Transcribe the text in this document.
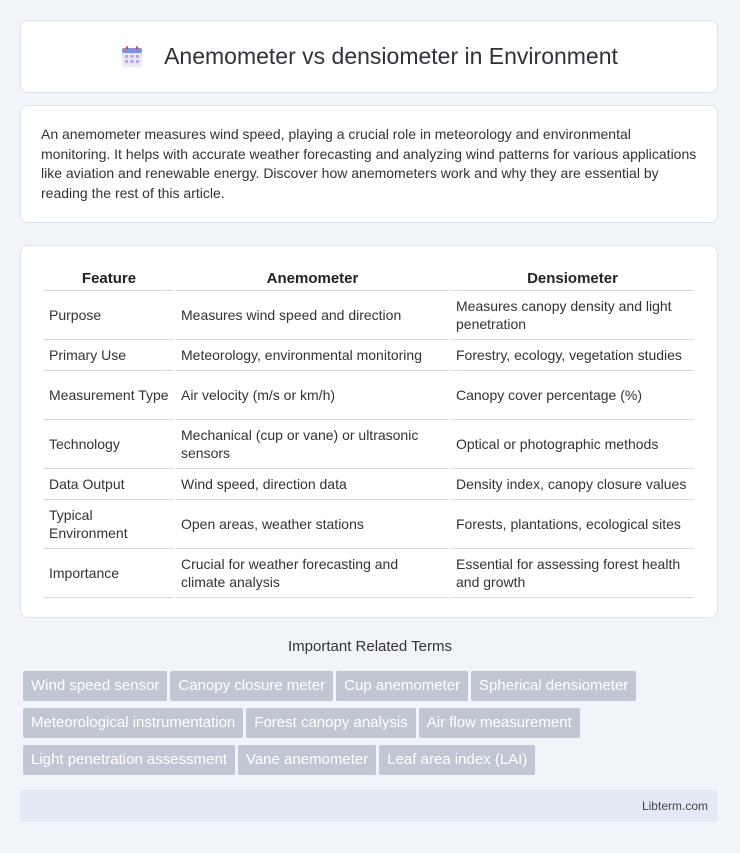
Anemometer vs densiometer in Environment

An anemometer measures wind speed, playing a crucial role in meteorology and environmental monitoring. It helps with accurate weather forecasting and analyzing wind patterns for various applications like aviation and renewable energy. Discover how anemometers work and why they are essential by reading the rest of this article.

Feature	Anemometer	Densiometer
Purpose	Measures wind speed and direction	Measures canopy density and light penetration
Primary Use	Meteorology, environmental monitoring	Forestry, ecology, vegetation studies
Measurement Type	Air velocity (m/s or km/h)	Canopy cover percentage (%)
Technology	Mechanical (cup or vane) or ultrasonic sensors	Optical or photographic methods
Data Output	Wind speed, direction data	Density index, canopy closure values
Typical Environment	Open areas, weather stations	Forests, plantations, ecological sites
Importance	Crucial for weather forecasting and climate analysis	Essential for assessing forest health and growth
Important Related Terms
Wind speed sensor Canopy closure meter Cup anemometer Spherical densiometerMeteorological instrumentation Forest canopy analysis Air flow measurementLight penetration assessment Vane anemometer Leaf area index (LAI)
Libterm.com
